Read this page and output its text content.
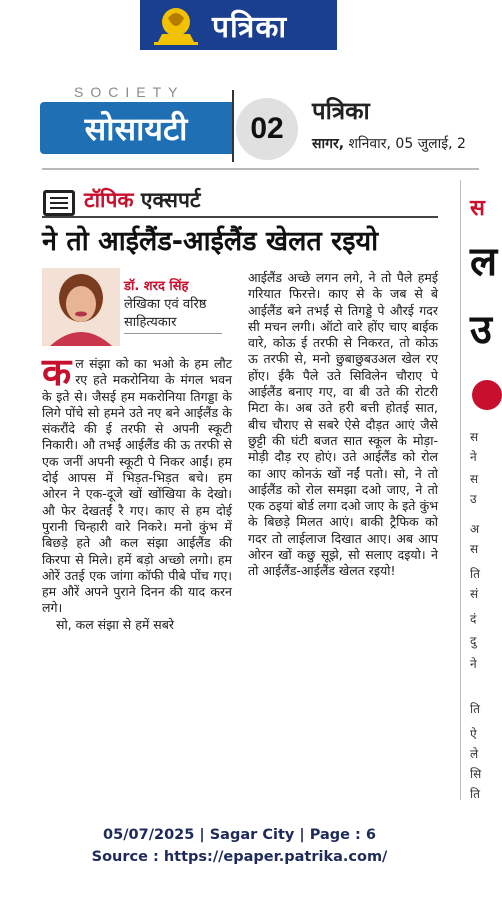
पत्रिका
SOCIETY
सोसायटी 02
पत्रिका
सागर, शनिवार, 05 जुलाई, 2
टॉपिक एक्सपर्ट
ने तो आईलैंड-आईलैंड खेलत रइयो
डॉ. शरद सिंह
लेखिका एवं वरिष्ठ साहित्यकार

कल संझा को का भओ के हम लौट रए हते मकरोनिया के मंगल भवन के इते से। जैसई हम मकरोनिया तिगड्डा के लिगे पोंचे सो हमने उते नए बने आईलैंड के संकरौंदे की ई तरफी से अपनी स्कूटी निकारी। औ तभईं आईलैंड की ऊ तरफी से एक जनीं अपनी स्कूटी पे निकर आईं। हम दोई आपस में भिड़त-भिड़त बचे। हम ओरन ने एक-दूजे खों खोंखिया के देखो। औ फेर देखतईं रै गए। काए से हम दोई पुरानी चिन्हारी वारे निकरे। मनो कुंभ में बिछड़े हते औ कल संझा आईलैंड की किरपा से मिले। हमें बड़ो अच्छो लगो। हम ओरें उतई एक जांगा कॉफी पीबे पोंच गए। हम औरें अपने पुराने दिनन की याद करन लगे।

सो, कल संझा से हमें सबरे

आईलैंड अच्छे लगन लगे, ने तो पैले हमई गरियात फिरत्ते। काए से के जब से बे आईलैंड बने तभईं से तिगड्डे पे औरई गदर सी मचन लगी। ऑटो वारे होंए चाए बाईक वारे, कोऊ ई तरफी से निकरत, तो कोऊ ऊ तरफी से, मनो छुबाछुबउअल खेल रए होंए। ईकै पैले उते सिविलेन चौराए पे आईलैंड बनाए गए, वा बी उते की रोटरी मिटा के। अब उते हरी बत्ती होतई सात, बीच चौराए से सबरे ऐसे दौड़त आएं जैसे छुट्टी की घंटी बजत सात स्कूल के मोड़ा-मोड़ी दौड़ रए होएं। उते आईलैंड को रोल का आए कोनऊं खों नईं पतो। सो, ने तो आईलैंड को रोल समझा दओ जाए, ने तो एक ठइयां बोर्ड लगा दओ जाए के इते कुंभ के बिछड़े मिलत आएं। बाकी ट्रैफिक को गदर तो लाईलाज दिखात आए। अब आप ओरन खों कछु सूझे, सो सलाए दइयो। ने तो आईलैंड-आईलैंड खेलत रइयो!

स
ल
उ
स
ने
स
उ
अ
स
ति
सं
दं
दु
ने
ति
ऐ
ले
सि
ति
05/07/2025 | Sagar City | Page : 6
Source : https://epaper.patrika.com/
